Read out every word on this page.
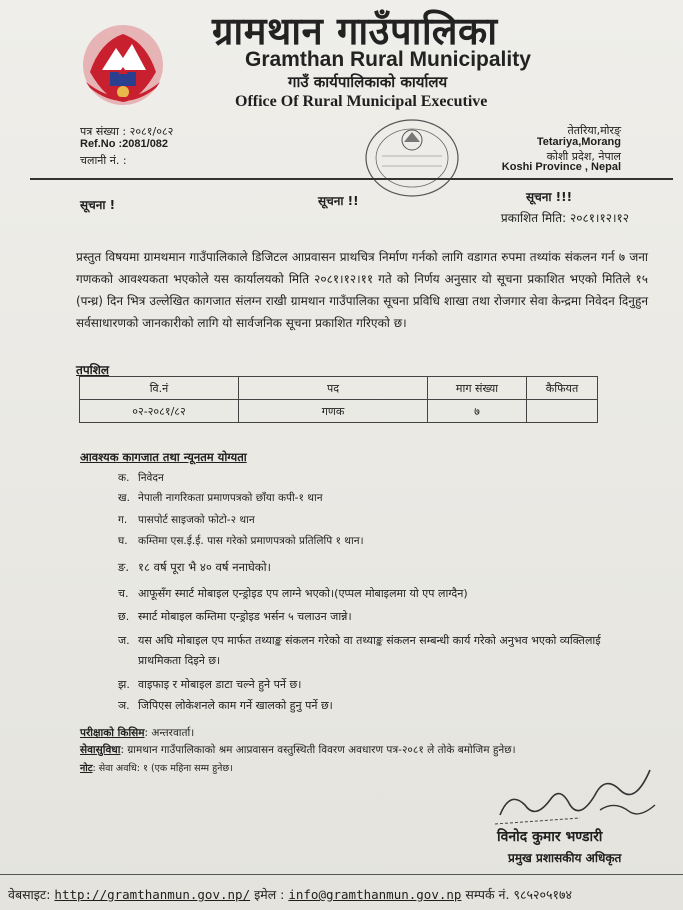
ग्रामथान गाउँपालिका
Gramthan Rural Municipality
गाउँ कार्यपालिकाको कार्यालय
Office Of Rural Municipal Executive
पत्र संख्या : २०८१/०८२
Ref.No :2081/082
चलानी नं. :
तेतरिया,मोरङ्
Tetariya,Morang
कोशी प्रदेश, नेपाल
Koshi Province , Nepal
सूचना !	सूचना !!	सूचना !!!
प्रकाशित मिति: २०८१।१२।१२
प्रस्तुत विषयमा ग्रामथमान गाउँपालिकाले डिजिटल आप्रवासन प्राथचित्र निर्माण गर्नको लागि वडागत रुपमा तथ्यांक संकलन गर्न ७ जना गणकको आवश्यकता भएकोले यस कार्यालयको मिति २०८१।१२।११ गते को निर्णय अनुसार यो सूचना प्रकाशित भएको मितिले १५ (पन्ध्र) दिन भित्र उल्लेखित कागजात संलग्न राखी ग्रामथान गाउँपालिका सूचना प्रविधि शाखा तथा रोजगार सेवा केन्द्रमा निवेदन दिनुहुन सर्वसाधारणको जानकारीको लागि यो सार्वजनिक सूचना प्रकाशित गरिएको छ।
तपशिल
वि.नं	पद	माग संख्या	कैफियत
०२-२०८१/८२	गणक	७	
आवश्यक कागजात तथा न्यूनतम योग्यता
क. निवेदन
ख. नेपाली नागरिकता प्रमाणपत्रको छाँया कपी-१ थान
ग. पासपोर्ट साइजको फोटो-२ थान
घ. कम्तिमा एस.ई.ई. पास गरेको प्रमाणपत्रको प्रतिलिपि १ थान।
ङ. १८ वर्ष पूरा भै ४० वर्ष ननाघेको।
च. आफूसँग स्मार्ट मोबाइल एन्ड्रोइड एप लाग्ने भएको।(एप्पल मोबाइलमा यो एप लाग्दैन)
छ. स्मार्ट मोबाइल कम्तिमा एन्ड्रोइड भर्सन ५ चलाउन जान्ने।
ज. यस अघि मोबाइल एप मार्फत तथ्याङ्क संकलन गरेको वा तथ्याङ्क संकलन सम्बन्धी कार्य गरेको अनुभव भएको व्यक्तिलाई
प्राथमिकता दिइने छ।
झ. वाइफाइ र मोबाइल डाटा चल्ने हुने पर्ने छ।
ञ. जिपिएस लोकेशनले काम गर्ने खालको हुनु पर्ने छ।
परीक्षाको किसिम: अन्तरवार्ता।
सेवासुविधा: ग्रामथान गाउँपालिकाको श्रम आप्रवासन वस्तुस्थिती विवरण अवधारण पत्र-२०८१ ले तोके बमोजिम हुनेछ।
नोट: सेवा अवधि: १ (एक महिना सम्म हुनेछ।
विनोद कुमार भण्डारी
प्रमुख प्रशासकीय अधिकृत
वेबसाइट: http://gramthanmun.gov.np/ इमेल : info@gramthanmun.gov.np सम्पर्क नं. ९८५२०५१७४
